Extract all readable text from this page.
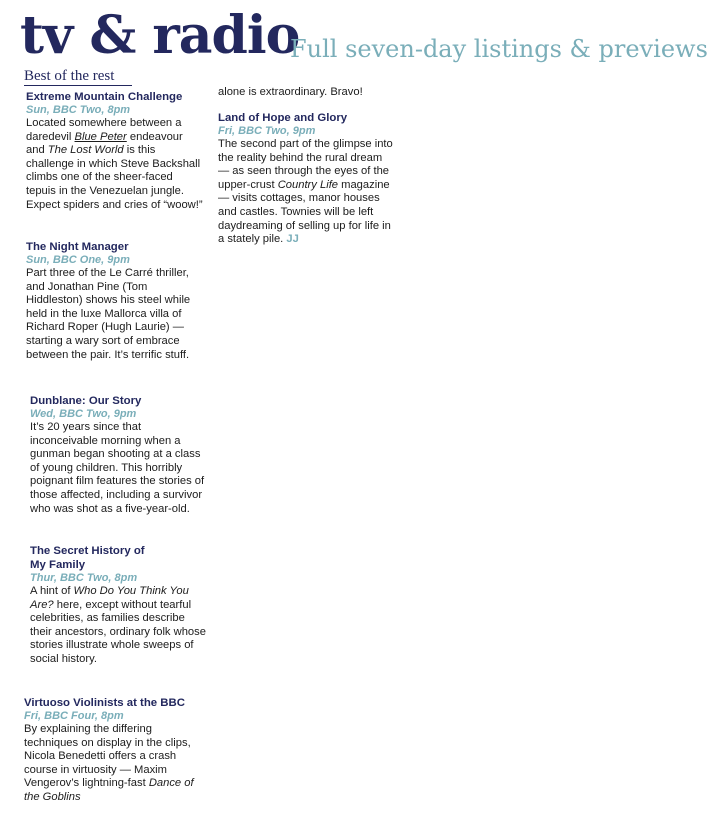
tv & radio
Full seven-day listings & previews
Best of the rest
Extreme Mountain Challenge
Sun, BBC Two, 8pm
Located somewhere between a daredevil Blue Peter endeavour and The Lost World is this challenge in which Steve Backshall climbs one of the sheer-faced tepuis in the Venezuelan jungle. Expect spiders and cries of “woow!”
The Night Manager
Sun, BBC One, 9pm
Part three of the Le Carré thriller, and Jonathan Pine (Tom Hiddleston) shows his steel while held in the luxe Mallorca villa of Richard Roper (Hugh Laurie) — starting a wary sort of embrace between the pair. It’s terrific stuff.
Dunblane: Our Story
Wed, BBC Two, 9pm
It’s 20 years since that inconceivable morning when a gunman began shooting at a class of young children. This horribly poignant film features the stories of those affected, including a survivor who was shot as a five-year-old.
The Secret History of
My Family
Thur, BBC Two, 8pm
A hint of Who Do You Think You Are? here, except without tearful celebrities, as families describe their ancestors, ordinary folk whose stories illustrate whole sweeps of social history.
Virtuoso Violinists at the BBC
Fri, BBC Four, 8pm
By explaining the differing techniques on display in the clips, Nicola Benedetti offers a crash course in virtuosity — Maxim Vengerov’s lightning-fast Dance of the Goblins
alone is extraordinary. Bravo!
Land of Hope and Glory
Fri, BBC Two, 9pm
The second part of the glimpse into the reality behind the rural dream — as seen through the eyes of the upper-crust Country Life magazine — visits cottages, manor houses and castles. Townies will be left daydreaming of selling up for life in a stately pile. JJ
